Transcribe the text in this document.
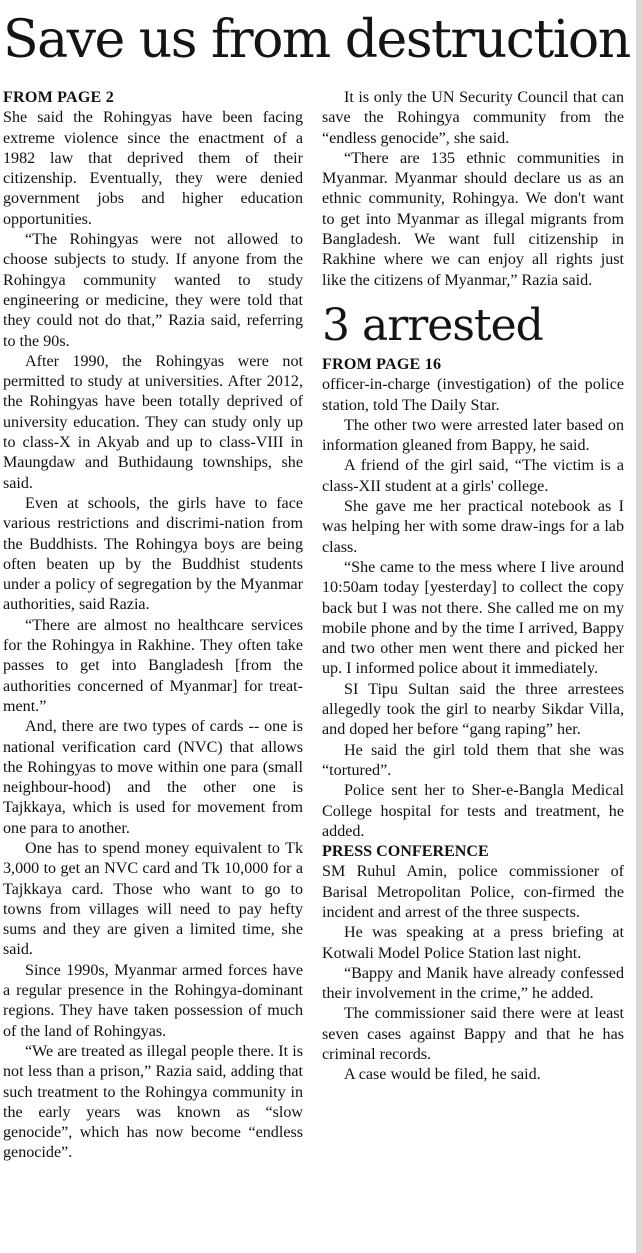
Save us from destruction

FROM PAGE 2

She said the Rohingyas have been facing extreme violence since the enactment of a 1982 law that deprived them of their citizenship. Eventually, they were denied government jobs and higher education opportunities.

“The Rohingyas were not allowed to choose subjects to study. If anyone from the Rohingya community wanted to study engineering or medicine, they were told that they could not do that,” Razia said, referring to the 90s.

After 1990, the Rohingyas were not permitted to study at universities. After 2012, the Rohingyas have been totally deprived of university education. They can study only up to class-X in Akyab and up to class-VIII in Maungdaw and Buthidaung townships, she said.

Even at schools, the girls have to face various restrictions and discrimi-nation from the Buddhists. The Rohingya boys are being often beaten up by the Buddhist students under a policy of segregation by the Myanmar authorities, said Razia.

“There are almost no healthcare services for the Rohingya in Rakhine. They often take passes to get into Bangladesh [from the authorities concerned of Myanmar] for treat-ment.”

And, there are two types of cards -- one is national verification card (NVC) that allows the Rohingyas to move within one para (small neighbour-hood) and the other one is Tajkkaya, which is used for movement from one para to another.

One has to spend money equivalent to Tk 3,000 to get an NVC card and Tk 10,000 for a Tajkkaya card. Those who want to go to towns from villages will need to pay hefty sums and they are given a limited time, she said.

Since 1990s, Myanmar armed forces have a regular presence in the Rohingya-dominant regions. They have taken possession of much of the land of Rohingyas.

“We are treated as illegal people there. It is not less than a prison,” Razia said, adding that such treatment to the Rohingya community in the early years was known as “slow genocide”, which has now become “endless genocide”.

It is only the UN Security Council that can save the Rohingya community from the “endless genocide”, she said.

“There are 135 ethnic communities in Myanmar. Myanmar should declare us as an ethnic community, Rohingya. We don't want to get into Myanmar as illegal migrants from Bangladesh. We want full citizenship in Rakhine where we can enjoy all rights just like the citizens of Myanmar,” Razia said.

3 arrested

FROM PAGE 16

officer-in-charge (investigation) of the police station, told The Daily Star.

The other two were arrested later based on information gleaned from Bappy, he said.

A friend of the girl said, “The victim is a class-XII student at a girls' college.

She gave me her practical notebook as I was helping her with some draw-ings for a lab class.

“She came to the mess where I live around 10:50am today [yesterday] to collect the copy back but I was not there. She called me on my mobile phone and by the time I arrived, Bappy and two other men went there and picked her up. I informed police about it immediately.

SI Tipu Sultan said the three arrestees allegedly took the girl to nearby Sikdar Villa, and doped her before “gang raping” her.

He said the girl told them that she was “tortured”.

Police sent her to Sher-e-Bangla Medical College hospital for tests and treatment, he added.

PRESS CONFERENCE

SM Ruhul Amin, police commissioner of Barisal Metropolitan Police, con-firmed the incident and arrest of the three suspects.

He was speaking at a press briefing at Kotwali Model Police Station last night.

“Bappy and Manik have already confessed their involvement in the crime,” he added.

The commissioner said there were at least seven cases against Bappy and that he has criminal records.

A case would be filed, he said.
